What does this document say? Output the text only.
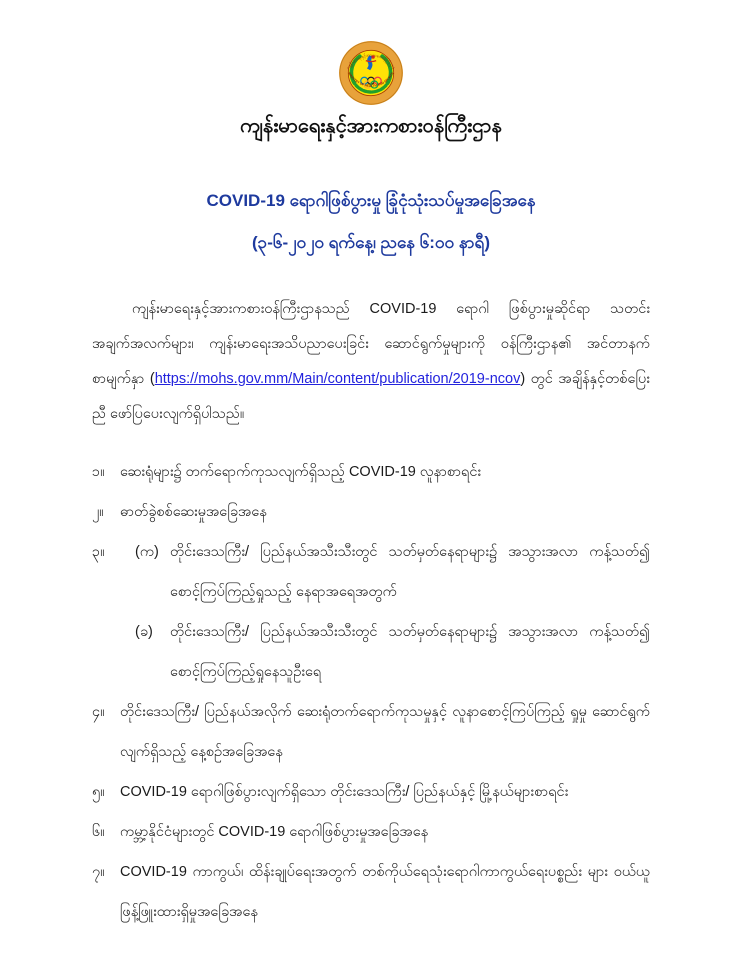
ကျန်းမာရေးနှင့်အားကစားဝန်ကြီးဌာန
MINISTRY OF HEALTH AND SPORTS
ကျန်းမာရေးနှင့်အားကစားဝန်ကြီးဌာန
COVID-19 ရောဂါဖြစ်ပွားမှု ခြုံငုံသုံးသပ်မှုအခြေအနေ
(၃-၆-၂၀၂၀ ရက်နေ့၊ ညနေ ၆:၀၀ နာရီ)

ကျန်းမာရေးနှင့်အားကစားဝန်ကြီးဌာနသည် COVID-19 ရောဂါ ဖြစ်ပွားမှုဆိုင်ရာ သတင်းအချက်အလက်များ၊ ကျန်းမာရေးအသိပညာပေးခြင်း ဆောင်ရွက်မှုများကို ဝန်ကြီးဌာန၏ အင်တာနက်စာမျက်နှာ (https://mohs.gov.mm/Main/content/publication/2019-ncov) တွင် အချိန်နှင့်တစ်ပြေးညီ ဖော်ပြပေးလျက်ရှိပါသည်။

၁။	ဆေးရုံများ၌ တက်ရောက်ကုသလျက်ရှိသည့် COVID-19 လူနာစာရင်း
၂။	ဓာတ်ခွဲစစ်ဆေးမှုအခြေအနေ
၃။	(က) တိုင်းဒေသကြီး/ ပြည်နယ်အသီးသီးတွင် သတ်မှတ်နေရာများ၌ အသွားအလာ ကန့်သတ်၍ စောင့်ကြပ်ကြည့်ရှုသည့် နေရာအရေအတွက်
(ခ)	တိုင်းဒေသကြီး/ ပြည်နယ်အသီးသီးတွင် သတ်မှတ်နေရာများ၌ အသွားအလာ ကန့်သတ်၍ စောင့်ကြပ်ကြည့်ရှုနေသူဦးရေ
၄။	တိုင်းဒေသကြီး/ ပြည်နယ်အလိုက် ဆေးရုံတက်ရောက်ကုသမှုနှင့် လူနာစောင့်ကြပ်ကြည့် ရှုမှု ဆောင်ရွက်လျက်ရှိသည့် နေ့စဉ်အခြေအနေ
၅။	COVID-19 ရောဂါဖြစ်ပွားလျက်ရှိသော တိုင်းဒေသကြီး/ ပြည်နယ်နှင့် မြို့နယ်များစာရင်း
၆။	ကမ္ဘာ့နိုင်ငံများတွင် COVID-19 ရောဂါဖြစ်ပွားမှုအခြေအနေ
၇။	COVID-19 ကာကွယ်၊ ထိန်းချုပ်ရေးအတွက် တစ်ကိုယ်ရေသုံးရောဂါကာကွယ်ရေးပစ္စည်း များ ဝယ်ယူဖြန့်ဖြူးထားရှိမှုအခြေအနေ
